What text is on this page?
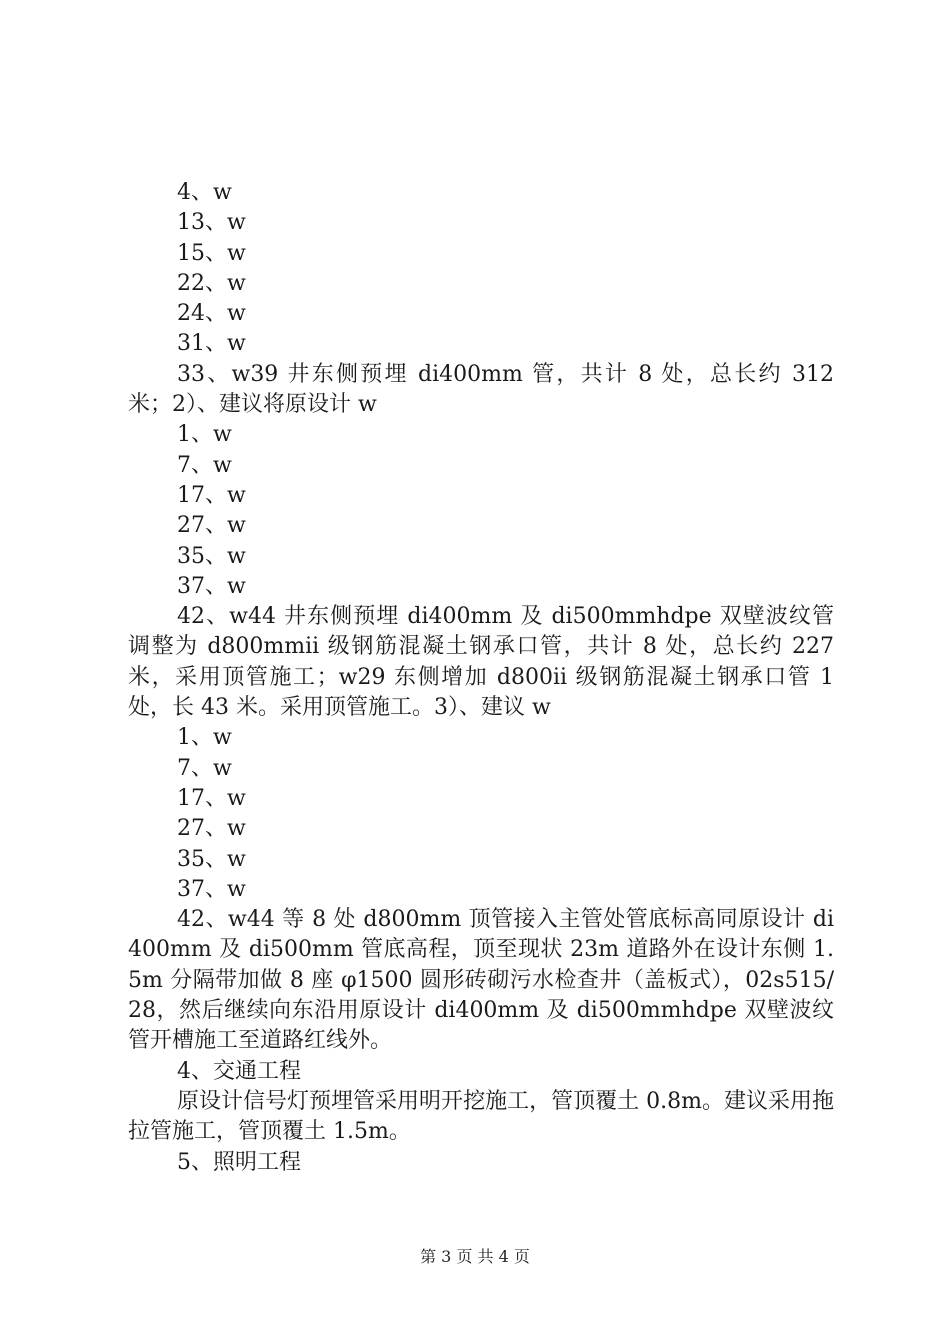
4、w

13、w

15、w

22、w

24、w

31、w

33、w39 井东侧预埋 di400mm 管，共计 8 处，总长约 312 米；2）、建议将原设计 w

1、w

7、w

17、w

27、w

35、w

37、w

42、w44 井东侧预埋 di400mm 及 di500mmhdpe 双壁波纹管调整为 d800mmii 级钢筋混凝土钢承口管，共计 8 处，总长约 227 米，采用顶管施工；w29 东侧增加 d800ii 级钢筋混凝土钢承口管 1 处，长 43 米。采用顶管施工。3）、建议 w

1、w

7、w

17、w

27、w

35、w

37、w

42、w44 等 8 处 d800mm 顶管接入主管处管底标高同原设计 di400mm 及 di500mm 管底高程，顶至现状 23m 道路外在设计东侧 1.5m 分隔带加做 8 座 φ1500 圆形砖砌污水检查井（盖板式），02s515/28，然后继续向东沿用原设计 di400mm 及 di500mmhdpe 双壁波纹管开槽施工至道路红线外。

4、交通工程

原设计信号灯预埋管采用明开挖施工，管顶覆土 0.8m。建议采用拖拉管施工，管顶覆土 1.5m。

5、照明工程

第 3 页 共 4 页
